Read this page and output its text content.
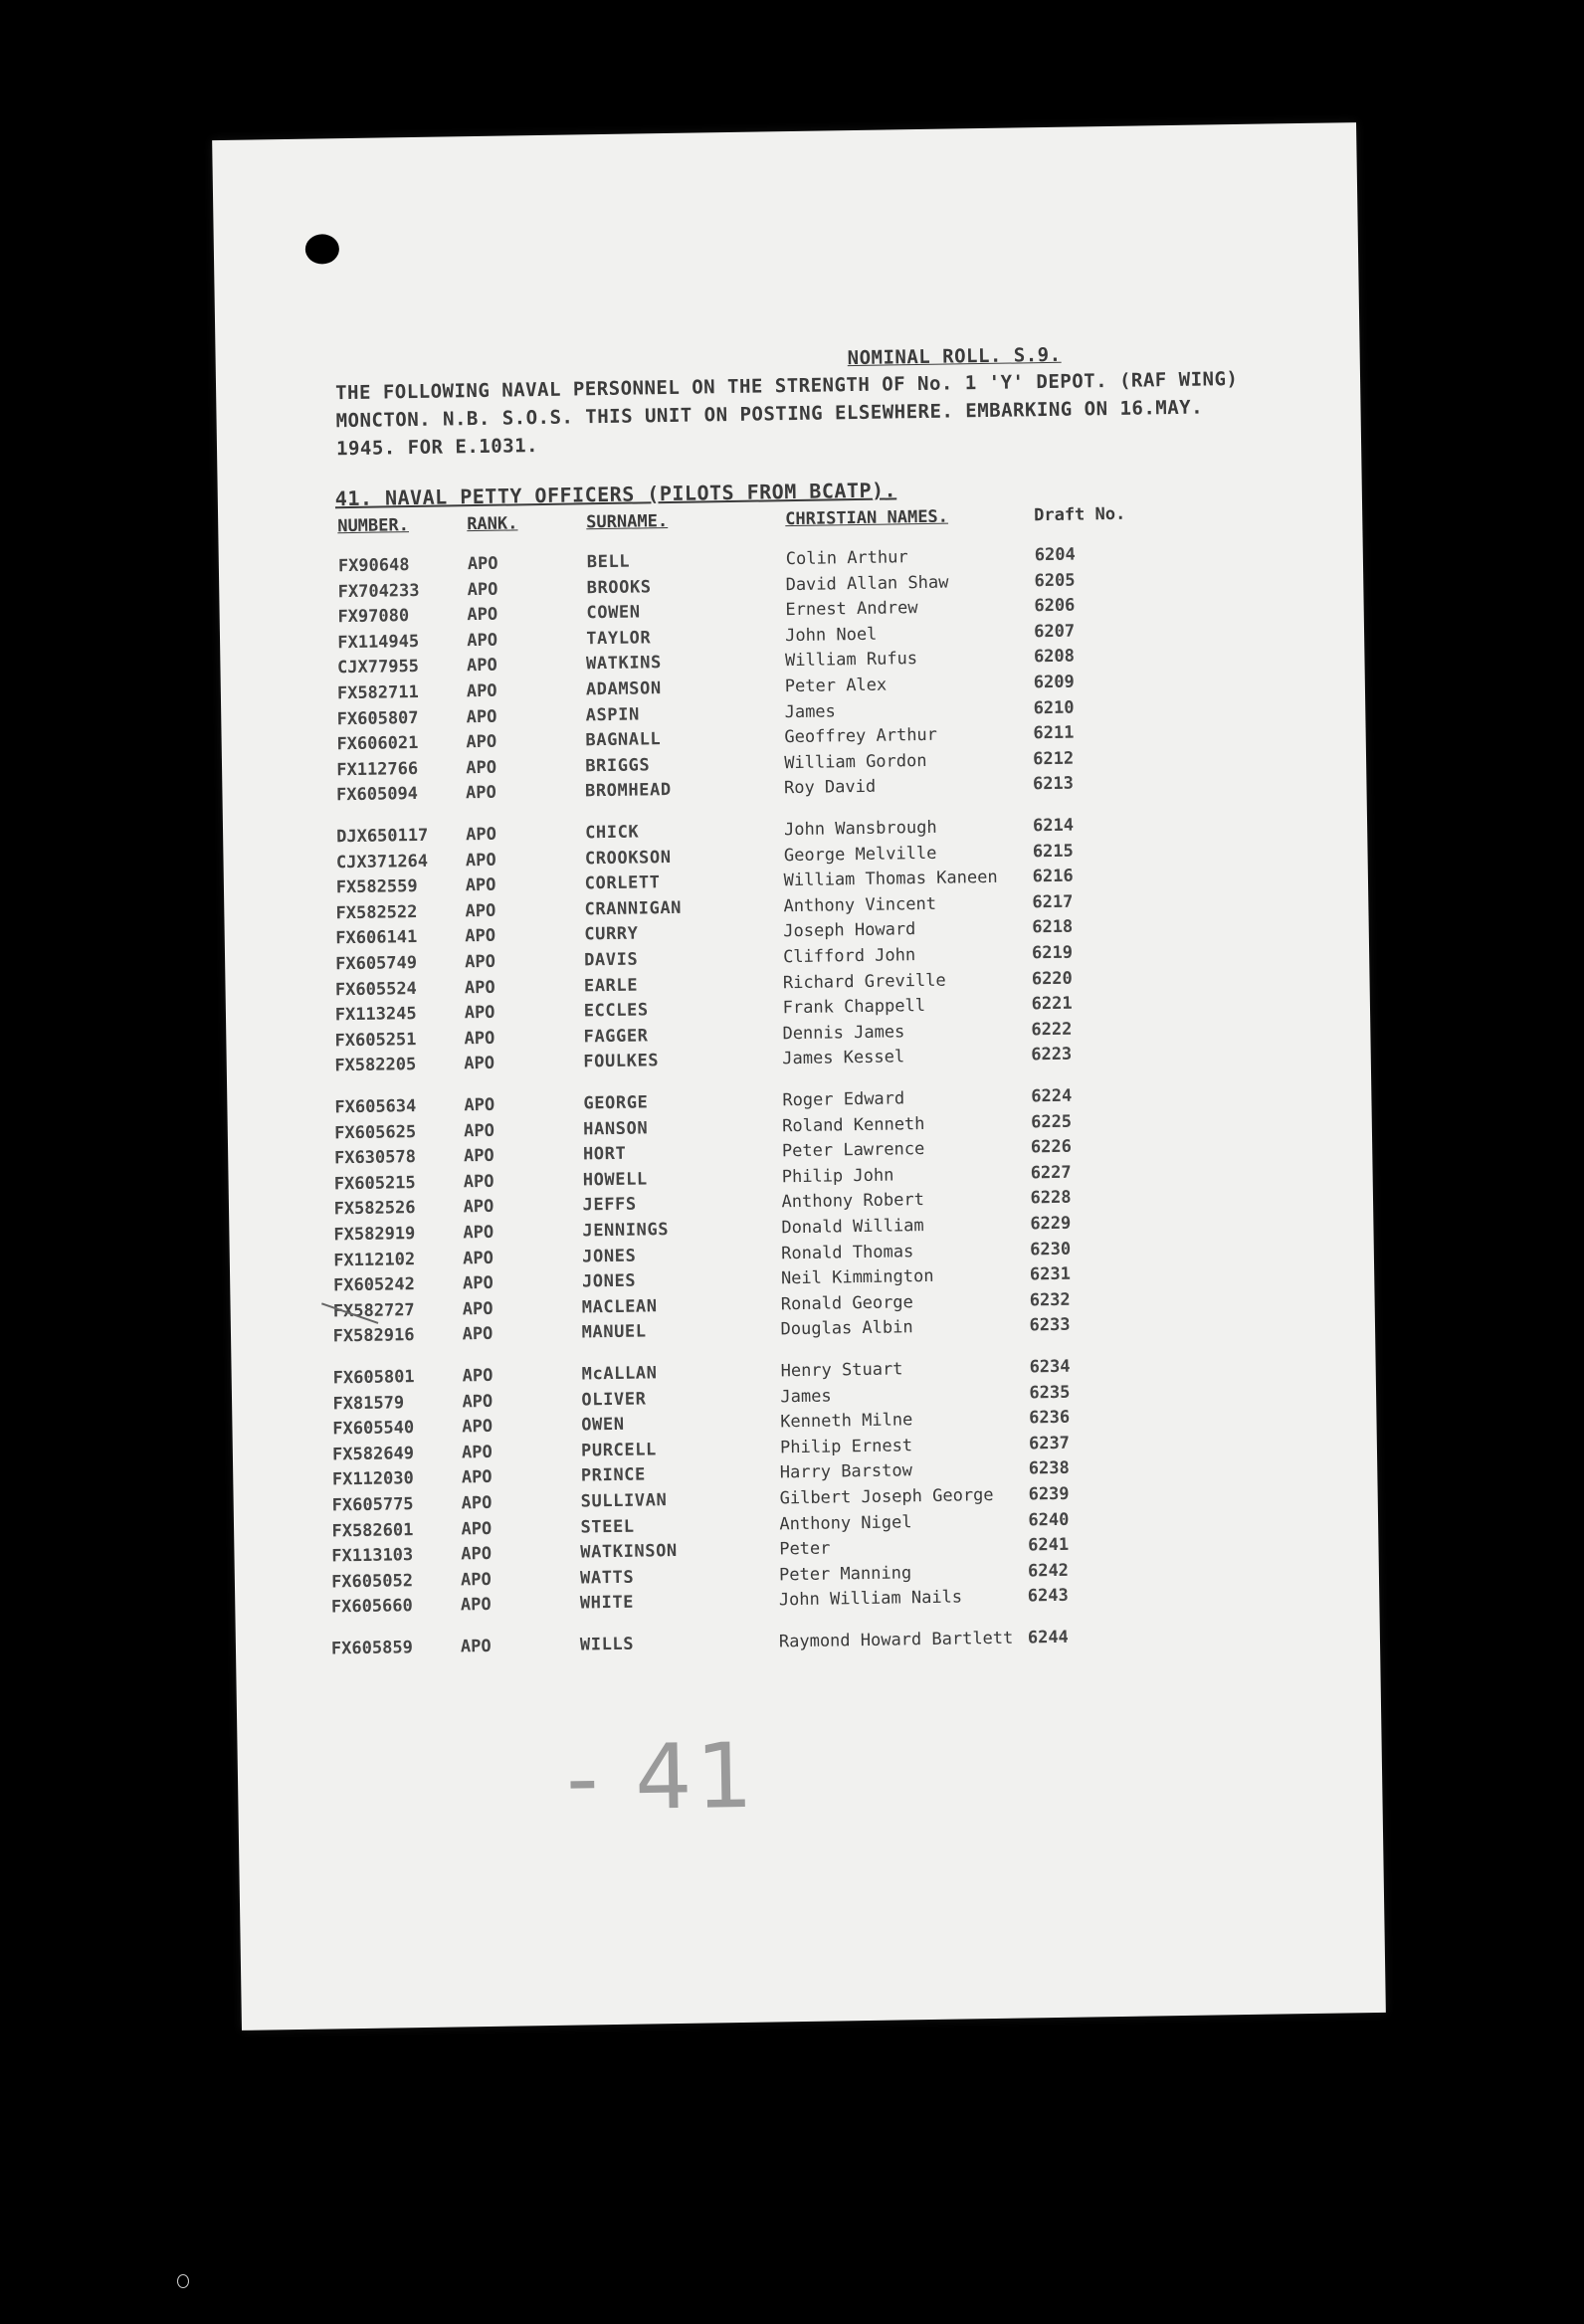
NOMINAL ROLL. S.9.
THE FOLLOWING NAVAL PERSONNEL ON THE STRENGTH OF No. 1 'Y' DEPOT. (RAF WING)
MONCTON. N.B. S.O.S. THIS UNIT ON POSTING ELSEWHERE. EMBARKING ON 16.MAY.
1945. FOR E.1031.
41. NAVAL PETTY OFFICERS (PILOTS FROM BCATP).
NUMBER.	RANK.	SURNAME.	CHRISTIAN NAMES.	Draft No.
FX90648	APO	BELL	Colin Arthur	6204
FX704233	APO	BROOKS	David Allan Shaw	6205
FX97080	APO	COWEN	Ernest Andrew	6206
FX114945	APO	TAYLOR	John Noel	6207
CJX77955	APO	WATKINS	William Rufus	6208
FX582711	APO	ADAMSON	Peter Alex	6209
FX605807	APO	ASPIN	James	6210
FX606021	APO	BAGNALL	Geoffrey Arthur	6211
FX112766	APO	BRIGGS	William Gordon	6212
FX605094	APO	BROMHEAD	Roy David	6213
DJX650117 APO	CHICK	John Wansbrough	6214
CJX371264 APO	CROOKSON	George Melville	6215
FX582559	APO	CORLETT	William Thomas Kaneen 6216
FX582522	APO	CRANNIGAN	Anthony Vincent	6217
FX606141	APO	CURRY	Joseph Howard	6218
FX605749	APO	DAVIS	Clifford John	6219
FX605524	APO	EARLE	Richard Greville	6220
FX113245	APO	ECCLES	Frank Chappell	6221
FX605251	APO	FAGGER	Dennis James	6222
FX582205	APO	FOULKES	James Kessel	6223
FX605634	APO	GEORGE	Roger Edward	6224
FX605625	APO	HANSON	Roland Kenneth	6225
FX630578	APO	HORT	Peter Lawrence	6226
FX605215	APO	HOWELL	Philip John	6227
FX582526	APO	JEFFS	Anthony Robert	6228
FX582919	APO	JENNINGS	Donald William	6229
FX112102	APO	JONES	Ronald Thomas	6230
FX605242	APO	JONES	Neil Kimmington	6231
FX582727	APO	MACLEAN	Ronald George	6232
FX582916	APO	MANUEL	Douglas Albin	6233
FX605801	APO	McALLAN	Henry Stuart	6234
FX81579	APO	OLIVER	James	6235
FX605540	APO	OWEN	Kenneth Milne	6236
FX582649	APO	PURCELL	Philip Ernest	6237
FX112030	APO	PRINCE	Harry Barstow	6238
FX605775	APO	SULLIVAN	Gilbert Joseph George 6239
FX582601	APO	STEEL	Anthony Nigel	6240
FX113103	APO	WATKINSON	Peter	6241
FX605052	APO	WATTS	Peter Manning	6242
FX605660	APO	WHITE	John William Nails	6243
FX605859	APO	WILLS	Raymond Howard Bartlett 6244
- 41
